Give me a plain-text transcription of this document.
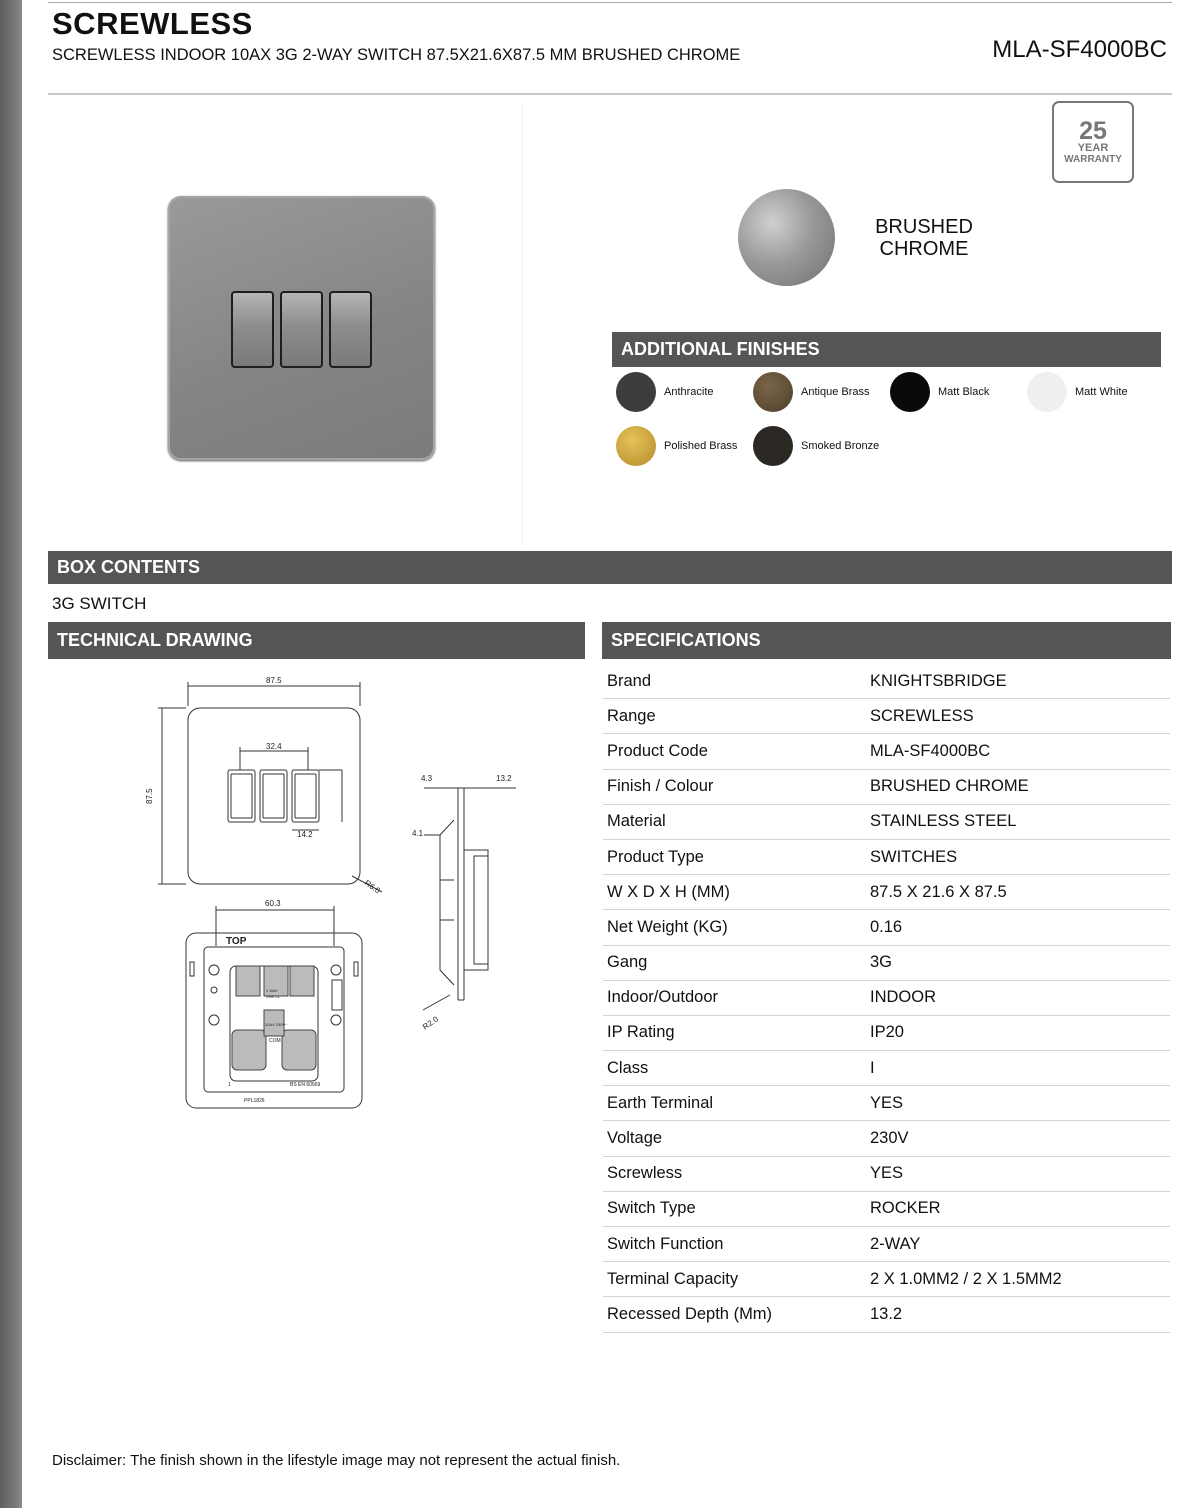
SCREWLESS
SCREWLESS INDOOR 10AX 3G 2-WAY SWITCH 87.5X21.6X87.5 MM BRUSHED CHROME	MLA-SF4000BC
25
YEAR
WARRANTY
BRUSHED
CHROME
ADDITIONAL FINISHES
Anthracite	Antique Brass	Matt Black	Matt White
Polished Brass	Smoked Bronze
BOX CONTENTS
3G SWITCH
TECHNICAL DRAWING	SPECIFICATIONS
87.5
87.5
32.4
14.2
R6.0
60.3
TOP
1 WAY
USE L1
10AX 250V~
COM
BS EN 60669
1
PPL1826
4.3	13.2
4.1
R2.0
Brand	KNIGHTSBRIDGE
Range	SCREWLESS
Product Code	MLA-SF4000BC
Finish / Colour	BRUSHED CHROME
Material	STAINLESS STEEL
Product Type	SWITCHES
W X D X H (MM)	87.5 X 21.6 X 87.5
Net Weight (KG)	0.16
Gang	3G
Indoor/Outdoor	INDOOR
IP Rating	IP20
Class	I
Earth Terminal	YES
Voltage	230V
Screwless	YES
Switch Type	ROCKER
Switch Function	2-WAY
Terminal Capacity	2 X 1.0MM2 / 2 X 1.5MM2
Recessed Depth (Mm)	13.2
Disclaimer: The finish shown in the lifestyle image may not represent the actual finish.
